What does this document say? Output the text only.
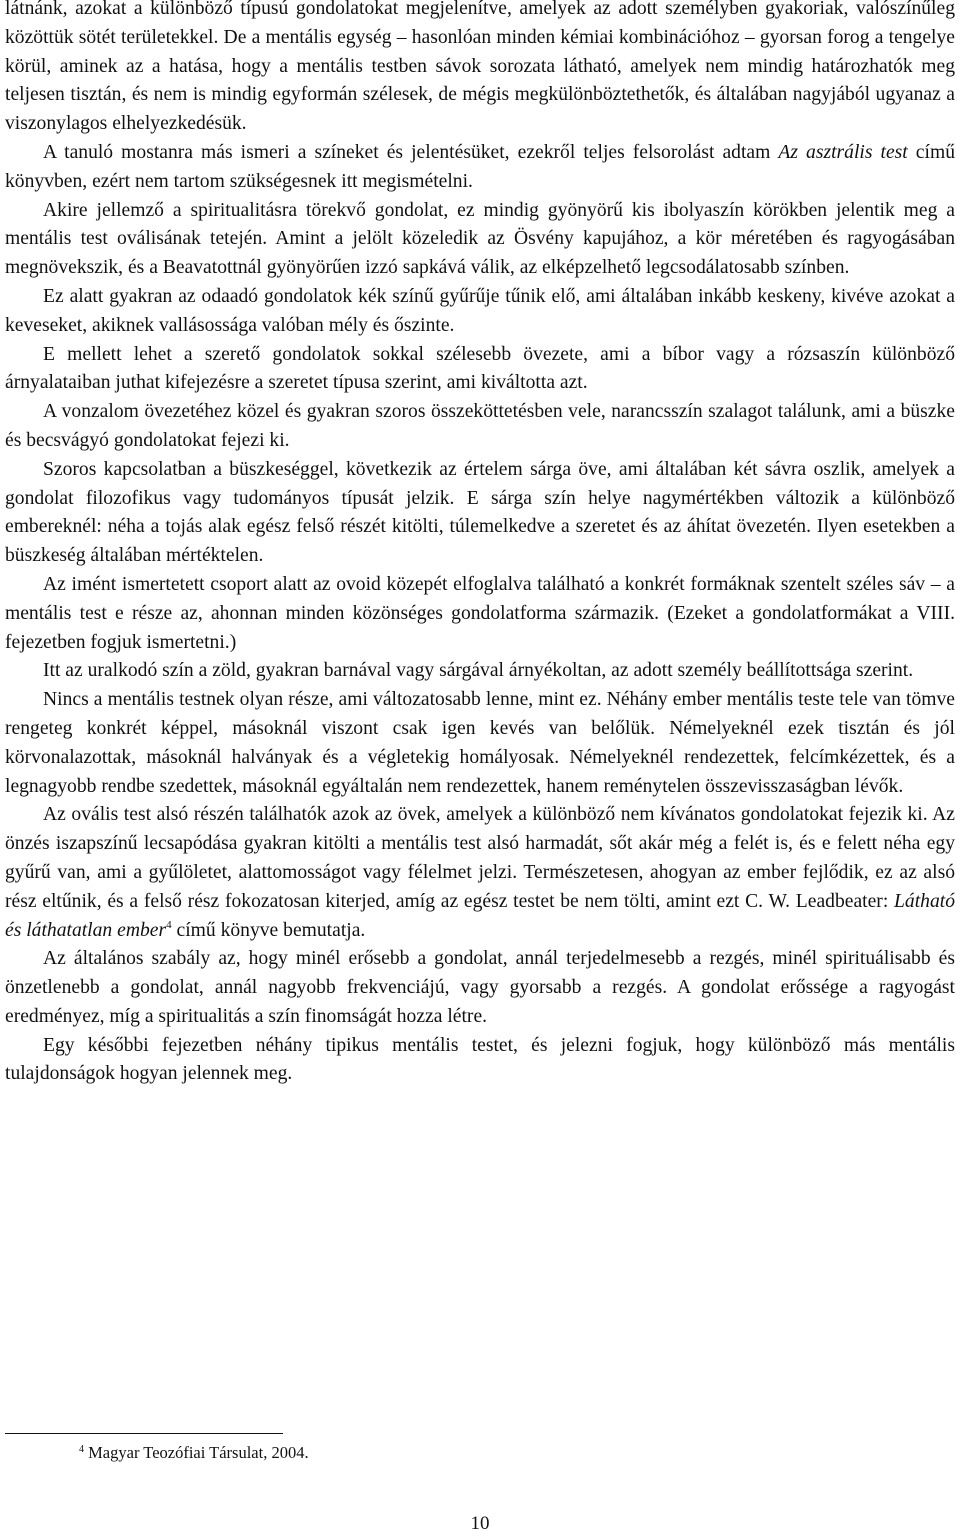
látnánk, azokat a különböző típusú gondolatokat megjelenítve, amelyek az adott személyben gyakoriak, valószínűleg közöttük sötét területekkel. De a mentális egység – hasonlóan minden kémiai kombinációhoz – gyorsan forog a tengelye körül, aminek az a hatása, hogy a mentális testben sávok sorozata látható, amelyek nem mindig határozhatók meg teljesen tisztán, és nem is mindig egyformán szélesek, de mégis megkülönböztethetők, és általában nagyjából ugyanaz a viszonylagos elhelyezkedésük.

A tanuló mostanra más ismeri a színeket és jelentésüket, ezekről teljes felsorolást adtam Az asztrális test című könyvben, ezért nem tartom szükségesnek itt megismételni.

Akire jellemző a spiritualitásra törekvő gondolat, ez mindig gyönyörű kis ibolyaszín körökben jelentik meg a mentális test oválisának tetején. Amint a jelölt közeledik az Ösvény kapujához, a kör méretében és ragyogásában megnövekszik, és a Beavatottnál gyönyörűen izzó sapkává válik, az elképzelhető legcsodálatosabb színben.

Ez alatt gyakran az odaadó gondolatok kék színű gyűrűje tűnik elő, ami általában inkább keskeny, kivéve azokat a keveseket, akiknek vallásossága valóban mély és őszinte.

E mellett lehet a szerető gondolatok sokkal szélesebb övezete, ami a bíbor vagy a rózsaszín különböző árnyalataiban juthat kifejezésre a szeretet típusa szerint, ami kiváltotta azt.

A vonzalom övezetéhez közel és gyakran szoros összeköttetésben vele, narancsszín szalagot találunk, ami a büszke és becsvágyó gondolatokat fejezi ki.

Szoros kapcsolatban a büszkeséggel, következik az értelem sárga öve, ami általában két sávra oszlik, amelyek a gondolat filozofikus vagy tudományos típusát jelzik. E sárga szín helye nagymértékben változik a különböző embereknél: néha a tojás alak egész felső részét kitölti, túlemelkedve a szeretet és az áhítat övezetén. Ilyen esetekben a büszkeség általában mértéktelen.

Az imént ismertetett csoport alatt az ovoid közepét elfoglalva található a konkrét formáknak szentelt széles sáv – a mentális test e része az, ahonnan minden közönséges gondolatforma származik. (Ezeket a gondolatformákat a VIII. fejezetben fogjuk ismertetni.)

Itt az uralkodó szín a zöld, gyakran barnával vagy sárgával árnyékoltan, az adott személy beállítottsága szerint.

Nincs a mentális testnek olyan része, ami változatosabb lenne, mint ez. Néhány ember mentális teste tele van tömve rengeteg konkrét képpel, másoknál viszont csak igen kevés van belőlük. Némelyeknél ezek tisztán és jól körvonalazottak, másoknál halványak és a végletekig homályosak. Némelyeknél rendezettek, felcímkézettek, és a legnagyobb rendbe szedettek, másoknál egyáltalán nem rendezettek, hanem reménytelen összevisszaságban lévők.

Az ovális test alsó részén találhatók azok az övek, amelyek a különböző nem kívánatos gondolatokat fejezik ki. Az önzés iszapszínű lecsapódása gyakran kitölti a mentális test alsó harmadát, sőt akár még a felét is, és e felett néha egy gyűrű van, ami a gyűlöletet, alattomosságot vagy félelmet jelzi. Természetesen, ahogyan az ember fejlődik, ez az alsó rész eltűnik, és a felső rész fokozatosan kiterjed, amíg az egész testet be nem tölti, amint ezt C. W. Leadbeater: Látható és láthatatlan ember$^4$ című könyve bemutatja.

Az általános szabály az, hogy minél erősebb a gondolat, annál terjedelmesebb a rezgés, minél spirituálisabb és önzetlenebb a gondolat, annál nagyobb frekvenciájú, vagy gyorsabb a rezgés. A gondolat erőssége a ragyogást eredményez, míg a spiritualitás a szín finomságát hozza létre.

Egy későbbi fejezetben néhány tipikus mentális testet, és jelezni fogjuk, hogy különböző más mentális tulajdonságok hogyan jelennek meg.

$^4$ Magyar Teozófiai Társulat, 2004.
10
